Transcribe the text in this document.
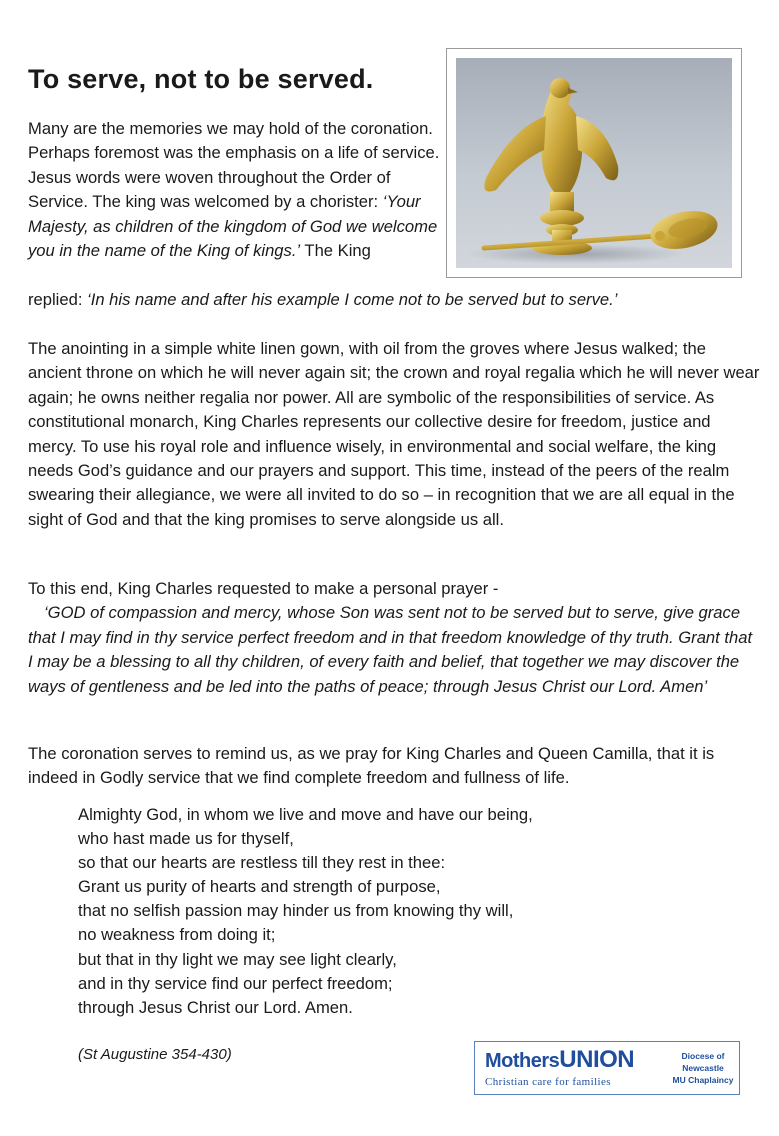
To serve, not to be served.

Many are the memories we may hold of the coronation. Perhaps foremost was the emphasis on a life of service. Jesus words were woven throughout the Order of Service. The king was welcomed by a chorister: ‘Your Majesty, as children of the kingdom of God we welcome you in the name of the King of kings.’ The King

replied: ‘In his name and after his example I come not to be served but to serve.’

The anointing in a simple white linen gown, with oil from the groves where Jesus walked; the ancient throne on which he will never again sit; the crown and royal regalia which he will never wear again; he owns neither regalia nor power. All are symbolic of the responsibilities of service. As constitutional monarch, King Charles represents our collective desire for freedom, justice and mercy. To use his royal role and influence wisely, in environmental and social welfare, the king needs God’s guidance and our prayers and support. This time, instead of the peers of the realm swearing their allegiance, we were all invited to do so – in recognition that we are all equal in the sight of God and that the king promises to serve alongside us all.

To this end, King Charles requested to make a personal prayer -

‘GOD of compassion and mercy, whose Son was sent not to be served but to serve, give grace that I may find in thy service perfect freedom and in that freedom knowledge of thy truth. Grant that I may be a blessing to all thy children, of every faith and belief, that together we may discover the ways of gentleness and be led into the paths of peace; through Jesus Christ our Lord. Amen’

The coronation serves to remind us, as we pray for King Charles and Queen Camilla, that it is indeed in Godly service that we find complete freedom and fullness of life.

Almighty God, in whom we live and move and have our being,
who hast made us for thyself,
so that our hearts are restless till they rest in thee:
Grant us purity of hearts and strength of purpose,
that no selfish passion may hinder us from knowing thy will,
no weakness from doing it;
but that in thy light we may see light clearly,
and in thy service find our perfect freedom;
through Jesus Christ our Lord. Amen.

(St Augustine 354-430)	MothersUNION
Christian care for families
Diocese of
Newcastle
MU Chaplaincy
